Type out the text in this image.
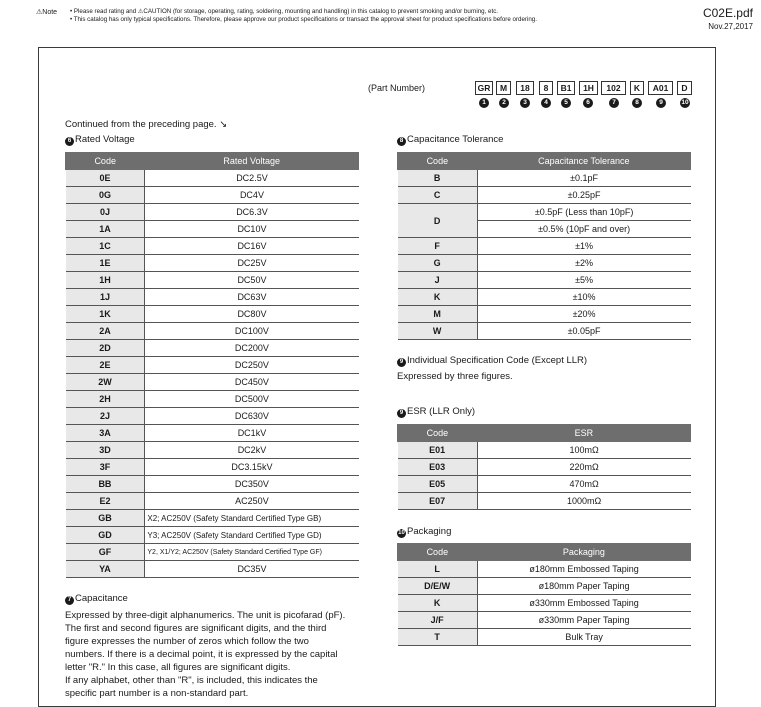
⚠Note • Please read rating and ⚠CAUTION (for storage, operating, rating, soldering, mounting and handling) in this catalog to prevent smoking and/or burning, etc.
• This catalog has only typical specifications. Therefore, please approve our product specifications or transact the approval sheet for product specifications before ordering.	C02E.pdf
Nov.27,2017
(Part Number)	GR	M	18	8	B1	1H	102	K	A01	D
1	2	3	4	5	6	7	8	9	10
Continued from the preceding page. ↘
6 Rated Voltage
Code	Rated Voltage
0E	DC2.5V
0G	DC4V
0J	DC6.3V
1A	DC10V
1C	DC16V
1E	DC25V
1H	DC50V
1J	DC63V
1K	DC80V
2A	DC100V
2D	DC200V
2E	DC250V
2W	DC450V
2H	DC500V
2J	DC630V
3A	DC1kV
3D	DC2kV
3F	DC3.15kV
BB	DC350V
E2	AC250V
GB	X2; AC250V (Safety Standard Certified Type GB)
GD	Y3; AC250V (Safety Standard Certified Type GD)
GF	Y2, X1/Y2; AC250V (Safety Standard Certified Type GF)
YA	DC35V
7 Capacitance
Expressed by three-digit alphanumerics. The unit is picofarad (pF).
The first and second figures are significant digits, and the third
figure expresses the number of zeros which follow the two
numbers. If there is a decimal point, it is expressed by the capital
letter "R." In this case, all figures are significant digits.
If any alphabet, other than "R", is included, this indicates the
specific part number is a non-standard part.
8 Capacitance Tolerance
Code	Capacitance Tolerance
B	±0.1pF
C	±0.25pF
D	±0.5pF (Less than 10pF)
	±0.5% (10pF and over)
F	±1%
G	±2%
J	±5%
K	±10%
M	±20%
W	±0.05pF
9 Individual Specification Code (Except LLR)
Expressed by three figures.
9 ESR (LLR Only)
Code	ESR
E01	100mΩ
E03	220mΩ
E05	470mΩ
E07	1000mΩ
10 Packaging
Code	Packaging
L	ø180mm Embossed Taping
D/E/W	ø180mm Paper Taping
K	ø330mm Embossed Taping
J/F	ø330mm Paper Taping
T	Bulk Tray
